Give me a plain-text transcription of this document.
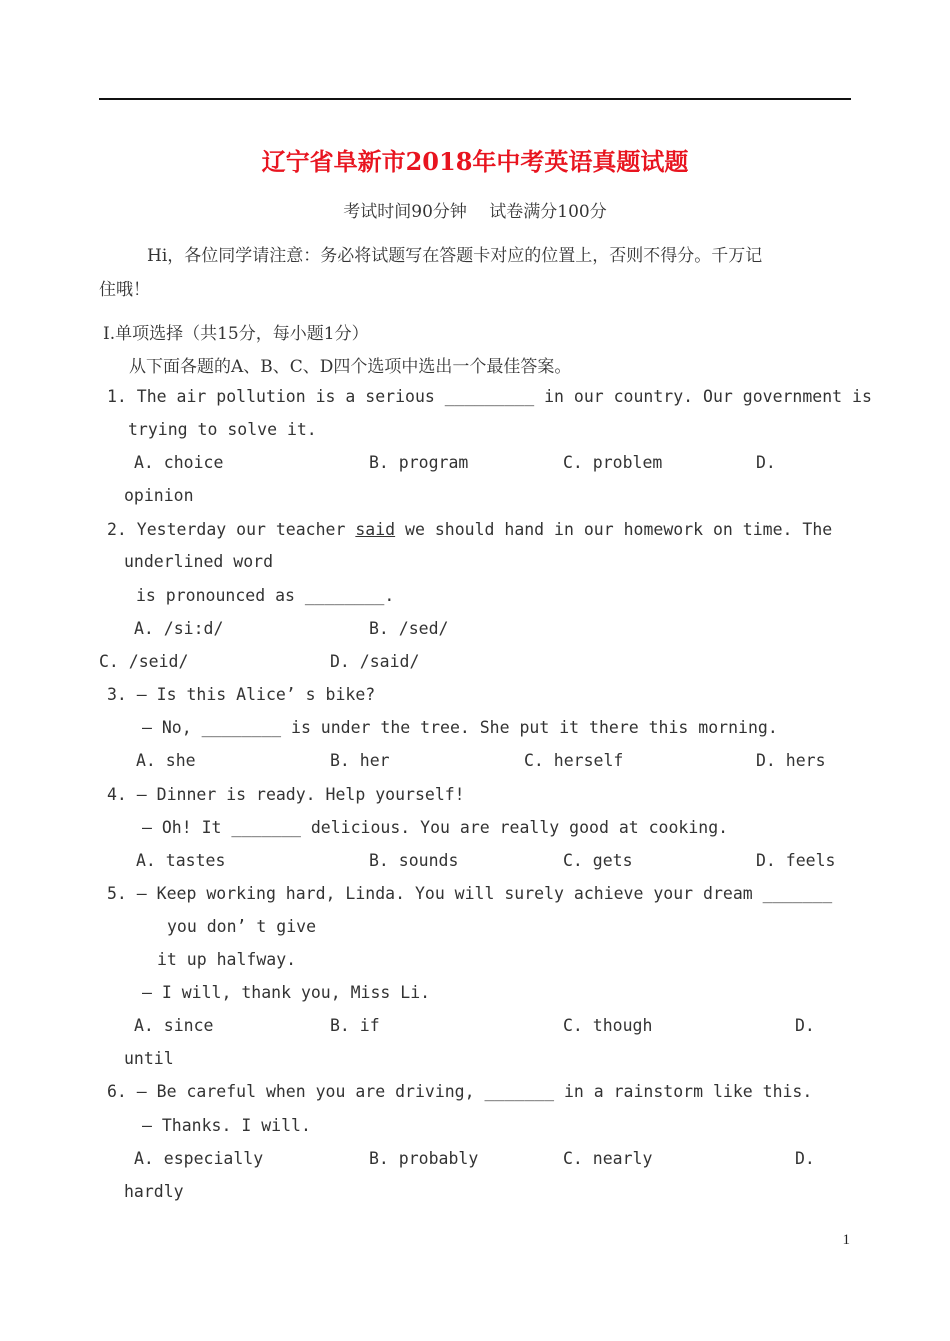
辽宁省阜新市2018年中考英语真题试题
考试时间90分钟　 试卷满分100分
Hi，各位同学请注意：务必将试题写在答题卡对应的位置上，否则不得分。千万记
住哦！
Ⅰ.单项选择（共15分，每小题1分）
从下面各题的A、B、C、D四个选项中选出一个最佳答案。
1. The air pollution is a serious _________ in our country. Our government is
trying to solve it.
A. choice	B. program	C. problem	D.
opinion
2. Yesterday our teacher said we should hand in our homework on time. The
underlined word
is pronounced as ________.
A. /si:d/	B. /sed/
C. /seid/	D. /said/
3. – Is this Alice’ s bike?
– No, ________ is under the tree. She put it there this morning.
A. she	B. her	C. herself	D. hers
4. – Dinner is ready. Help yourself!
– Oh! It _______ delicious. You are really good at cooking.
A. tastes	B. sounds	C. gets	D. feels
5. – Keep working hard, Linda. You will surely achieve your dream _______
you don’ t give
it up halfway.
– I will, thank you, Miss Li.
A. since	B. if	C. though	D.
until
6. – Be careful when you are driving, _______ in a rainstorm like this.
– Thanks. I will.
A. especially	B. probably	C. nearly	D.
hardly
1
